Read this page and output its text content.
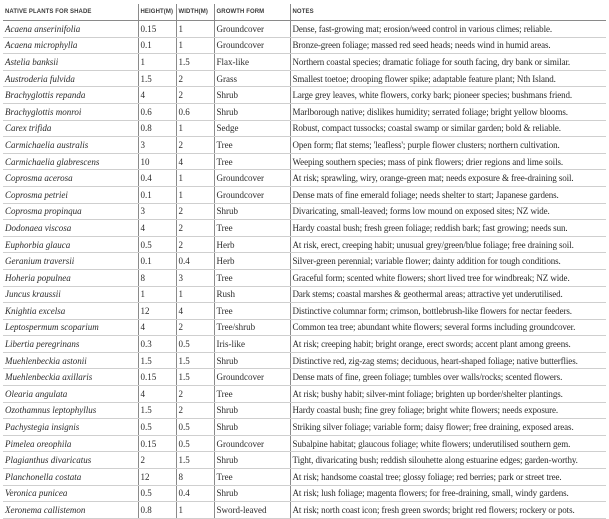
NATIVE PLANTS FOR SHADE	HEIGHT(M)	WIDTH(M)	GROWTH FORM	NOTES
Acaena anserinifolia	0.15	1	Groundcover	Dense, fast-growing mat; erosion/weed control in various climes; reliable.
Acaena microphylla	0.1	1	Groundcover	Bronze-green foliage; massed red seed heads; needs wind in humid areas.
Astelia banksii	1	1.5	Flax-like	Northern coastal species; dramatic foliage for south facing, dry bank or similar.
Austroderia fulvida	1.5	2	Grass	Smallest toetoe; drooping flower spike; adaptable feature plant; Nth Island.
Brachyglottis repanda	4	2	Shrub	Large grey leaves, white flowers, corky bark; pioneer species; bushmans friend.
Brachyglottis monroi	0.6	0.6	Shrub	Marlborough native; dislikes humidity; serrated foliage; bright yellow blooms.
Carex trifida	0.8	1	Sedge	Robust, compact tussocks; coastal swamp or similar garden; bold & reliable.
Carmichaelia australis	3	2	Tree	Open form; flat stems; 'leafless'; purple flower clusters; northern cultivation.
Carmichaelia glabrescens	10	4	Tree	Weeping southern species; mass of pink flowers; drier regions and lime soils.
Coprosma acerosa	0.4	1	Groundcover	At risk; sprawling, wiry, orange-green mat; needs exposure & free-draining soil.
Coprosma petriei	0.1	1	Groundcover	Dense mats of fine emerald foliage; needs shelter to start; Japanese gardens.
Coprosma propinqua	3	2	Shrub	Divaricating, small-leaved; forms low mound on exposed sites; NZ wide.
Dodonaea viscosa	4	2	Tree	Hardy coastal bush; fresh green foliage; reddish bark; fast growing; needs sun.
Euphorbia glauca	0.5	2	Herb	At risk, erect, creeping habit; unusual grey/green/blue foliage; free draining soil.
Geranium traversii	0.1	0.4	Herb	Silver-green perennial; variable flower; dainty addition for tough conditions.
Hoheria populnea	8	3	Tree	Graceful form; scented white flowers; short lived tree for windbreak; NZ wide.
Juncus kraussii	1	1	Rush	Dark stems; coastal marshes & geothermal areas; attractive yet underutilised.
Knightia excelsa	12	4	Tree	Distinctive columnar form; crimson, bottlebrush-like flowers for nectar feeders.
Leptospermum scoparium	4	2	Tree/shrub	Common tea tree; abundant white flowers; several forms including groundcover.
Libertia peregrinans	0.3	0.5	Iris-like	At risk; creeping habit; bright orange, erect swords; accent plant among greens.
Muehlenbeckia astonii	1.5	1.5	Shrub	Distinctive red, zig-zag stems; deciduous, heart-shaped foliage; native butterflies.
Muehlenbeckia axillaris	0.15	1.5	Groundcover	Dense mats of fine, green foliage; tumbles over walls/rocks; scented flowers.
Olearia angulata	4	2	Tree	At risk; bushy habit; silver-mint foliage; brighten up border/shelter plantings.
Ozothamnus leptophyllus	1.5	2	Shrub	Hardy coastal bush; fine grey foliage; bright white flowers; needs exposure.
Pachystegia insignis	0.5	0.5	Shrub	Striking silver foliage; variable form; daisy flower; free draining, exposed areas.
Pimelea oreophila	0.15	0.5	Groundcover	Subalpine habitat; glaucous foliage; white flowers; underutilised southern gem.
Plagianthus divaricatus	2	1.5	Shrub	Tight, divaricating bush; reddish silouhette along estuarine edges; garden-worthy.
Planchonella costata	12	8	Tree	At risk; handsome coastal tree; glossy foliage; red berries; park or street tree.
Veronica punicea	0.5	0.4	Shrub	At risk; lush foliage; magenta flowers; for free-draining, small, windy gardens.
Xeronema callistemon	0.8	1	Sword-leaved	At risk; north coast icon; fresh green swords; bright red flowers; rockery or pots.
